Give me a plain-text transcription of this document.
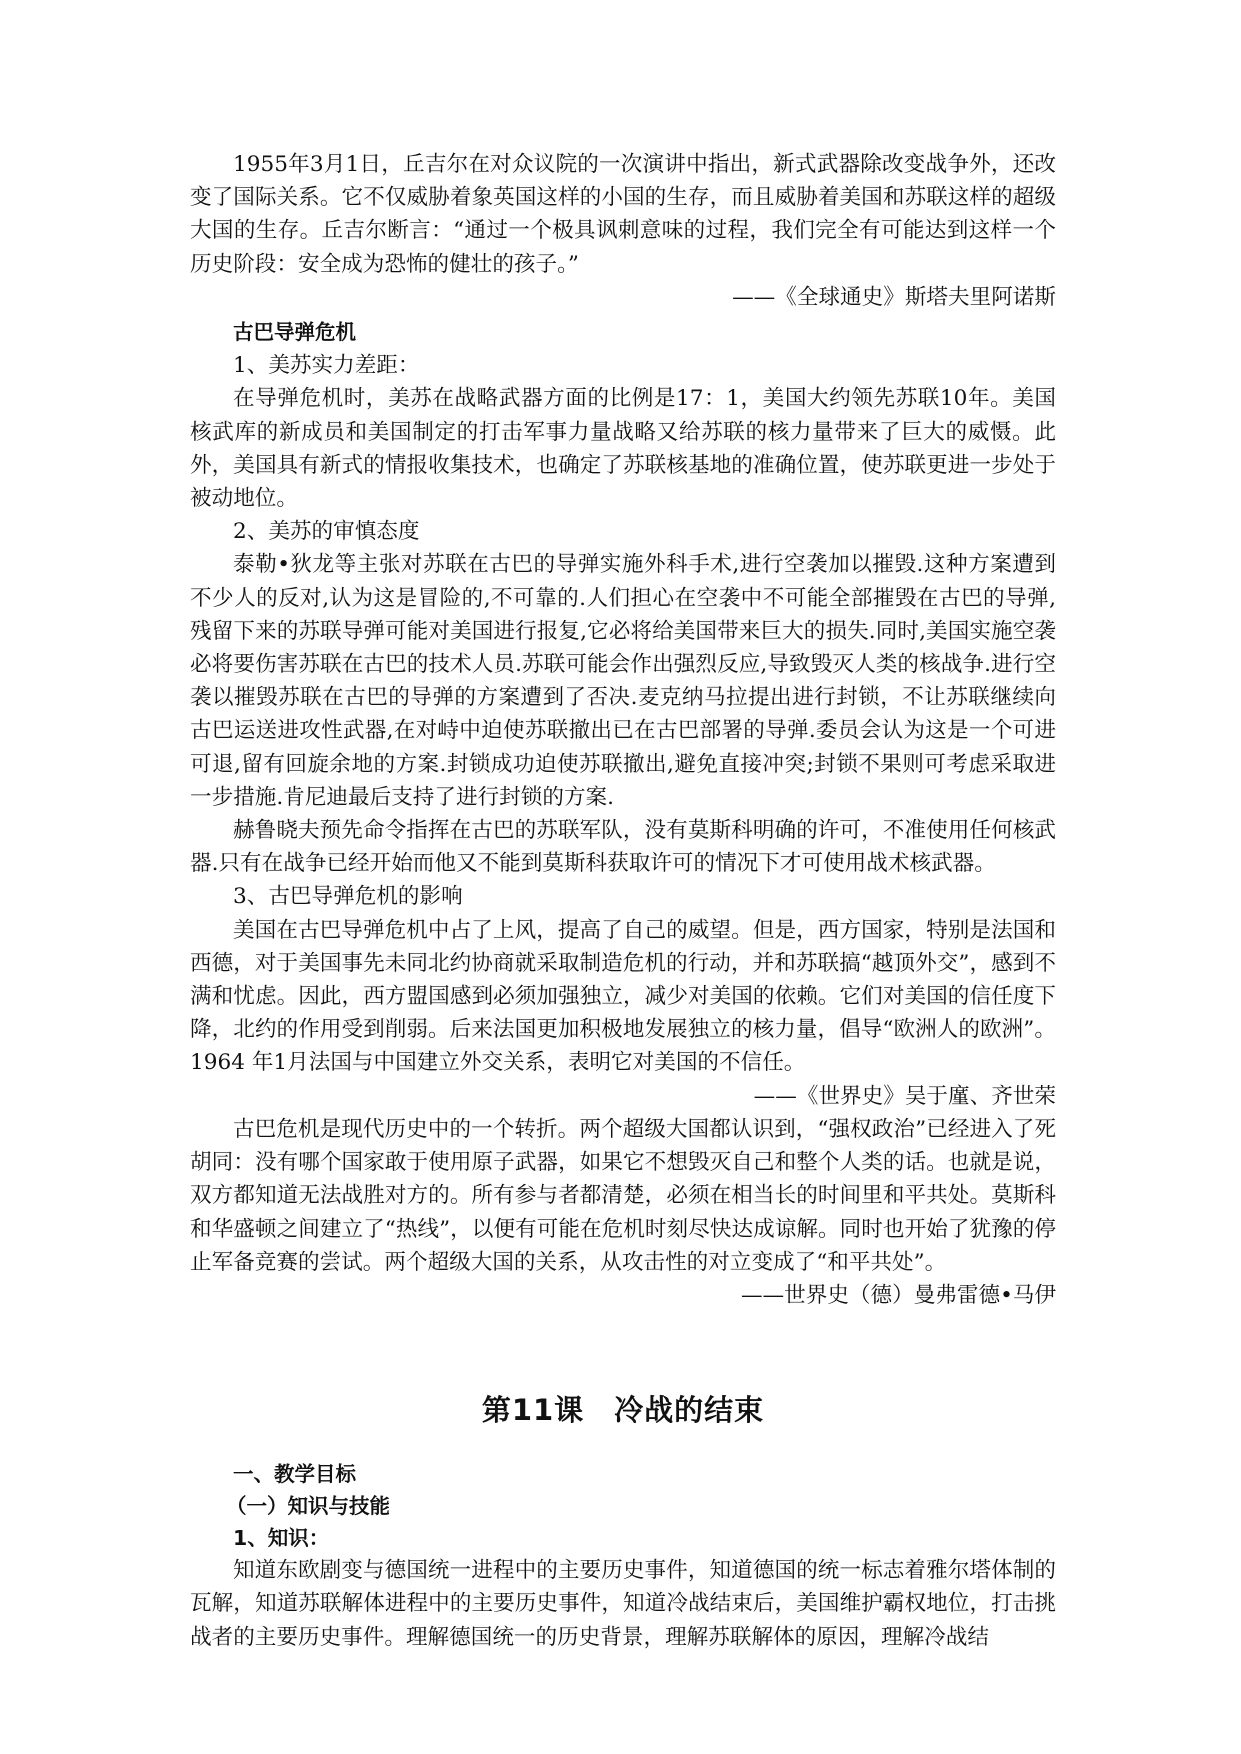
1955年3月1日，丘吉尔在对众议院的一次演讲中指出，新式武器除改变战争外，还改变了国际关系。它不仅威胁着象英国这样的小国的生存，而且威胁着美国和苏联这样的超级大国的生存。丘吉尔断言：“通过一个极具讽刺意味的过程，我们完全有可能达到这样一个历史阶段：安全成为恐怖的健壮的孩子。”

——《全球通史》斯塔夫里阿诺斯

古巴导弹危机

1、美苏实力差距：

在导弹危机时，美苏在战略武器方面的比例是17：1，美国大约领先苏联10年。美国核武库的新成员和美国制定的打击军事力量战略又给苏联的核力量带来了巨大的威慑。此外，美国具有新式的情报收集技术，也确定了苏联核基地的准确位置，使苏联更进一步处于被动地位。

2、美苏的审慎态度

泰勒•狄龙等主张对苏联在古巴的导弹实施外科手术,进行空袭加以摧毁.这种方案遭到不少人的反对,认为这是冒险的,不可靠的.人们担心在空袭中不可能全部摧毁在古巴的导弹,残留下来的苏联导弹可能对美国进行报复,它必将给美国带来巨大的损失.同时,美国实施空袭必将要伤害苏联在古巴的技术人员.苏联可能会作出强烈反应,导致毁灭人类的核战争.进行空袭以摧毁苏联在古巴的导弹的方案遭到了否决.麦克纳马拉提出进行封锁，不让苏联继续向古巴运送进攻性武器,在对峙中迫使苏联撤出已在古巴部署的导弹.委员会认为这是一个可进可退,留有回旋余地的方案.封锁成功迫使苏联撤出,避免直接冲突;封锁不果则可考虑采取进一步措施.肯尼迪最后支持了进行封锁的方案.

赫鲁晓夫预先命令指挥在古巴的苏联军队，没有莫斯科明确的许可，不准使用任何核武器.只有在战争已经开始而他又不能到莫斯科获取许可的情况下才可使用战术核武器。

3、古巴导弹危机的影响

美国在古巴导弹危机中占了上风，提高了自己的威望。但是，西方国家，特别是法国和西德，对于美国事先未同北约协商就采取制造危机的行动，并和苏联搞“越顶外交”，感到不满和忧虑。因此，西方盟国感到必须加强独立，减少对美国的依赖。它们对美国的信任度下降，北约的作用受到削弱。后来法国更加积极地发展独立的核力量，倡导“欧洲人的欧洲”。1964 年1月法国与中国建立外交关系，表明它对美国的不信任。

——《世界史》吴于廑、齐世荣

古巴危机是现代历史中的一个转折。两个超级大国都认识到，“强权政治”已经进入了死胡同：没有哪个国家敢于使用原子武器，如果它不想毁灭自己和整个人类的话。也就是说，双方都知道无法战胜对方的。所有参与者都清楚，必须在相当长的时间里和平共处。莫斯科和华盛顿之间建立了“热线”，以便有可能在危机时刻尽快达成谅解。同时也开始了犹豫的停止军备竞赛的尝试。两个超级大国的关系，从攻击性的对立变成了“和平共处”。

——世界史（德）曼弗雷德•马伊

第11课 冷战的结束

一、教学目标

（一）知识与技能

1、知识：

知道东欧剧变与德国统一进程中的主要历史事件，知道德国的统一标志着雅尔塔体制的瓦解，知道苏联解体进程中的主要历史事件，知道冷战结束后，美国维护霸权地位，打击挑战者的主要历史事件。理解德国统一的历史背景，理解苏联解体的原因，理解冷战结
